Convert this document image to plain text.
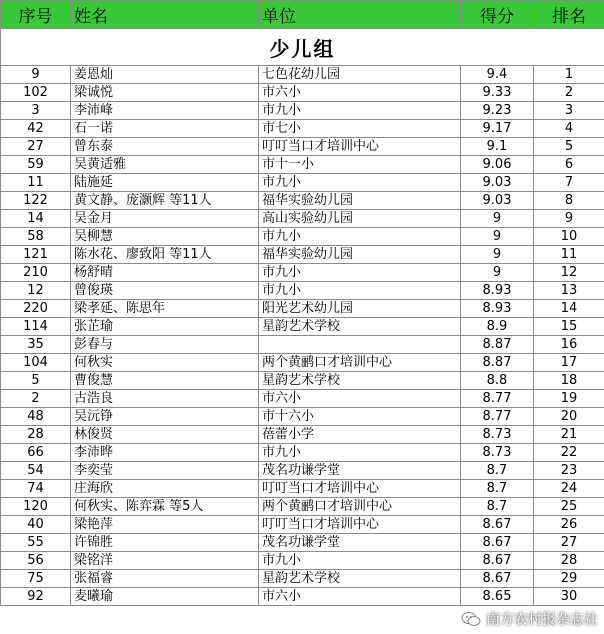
序号	姓名	单位	得分	排名
少儿组				
9	姜恩灿	七色花幼儿园	9.4	1
102	梁诚悦	市六小	9.33	2
3	李沛峰	市九小	9.23	3
42	石一诺	市七小	9.17	4
27	曾东泰	叮叮当口才培训中心	9.1	5
59	吴黄适雅	市十一小	9.06	6
11	陆施延	市九小	9.03	7
122	黄文静、庞灏辉 等11人	福华实验幼儿园	9.03	8
14	吴金月	高山实验幼儿园	9	9
58	吴柳慧	市九小	9	10
121	陈水花、廖致阳 等11人	福华实验幼儿园	9	11
210	杨舒晴	市九小	9	12
12	曾俊瑛	市九小	8.93	13
220	梁孝延、陈思年	阳光艺术幼儿园	8.93	14
114	张芷瑜	星韵艺术学校	8.9	15
35	彭春与		8.87	16
104	何秋实	两个黄鹂口才培训中心	8.87	17
5	曹俊慧	星韵艺术学校	8.8	18
2	古浩良	市六小	8.77	19
48	吴沅铮	市十六小	8.77	20
28	林俊贤	蓓蕾小学	8.73	21
66	李沛晔	市九小	8.73	22
54	李奕莹	茂名功谦学堂	8.7	23
74	庄海欣	叮叮当口才培训中心	8.7	24
120	何秋实、陈弈霖 等5人	两个黄鹂口才培训中心	8.7	25
40	梁艳萍	叮叮当口才培训中心	8.67	26
55	许锦胜	茂名功谦学堂	8.67	27
56	梁铭洋	市九小	8.67	28
75	张福睿	星韵艺术学校	8.67	29
92	麦曦瑜	市六小	8.65	30
南方农村报杂志社
